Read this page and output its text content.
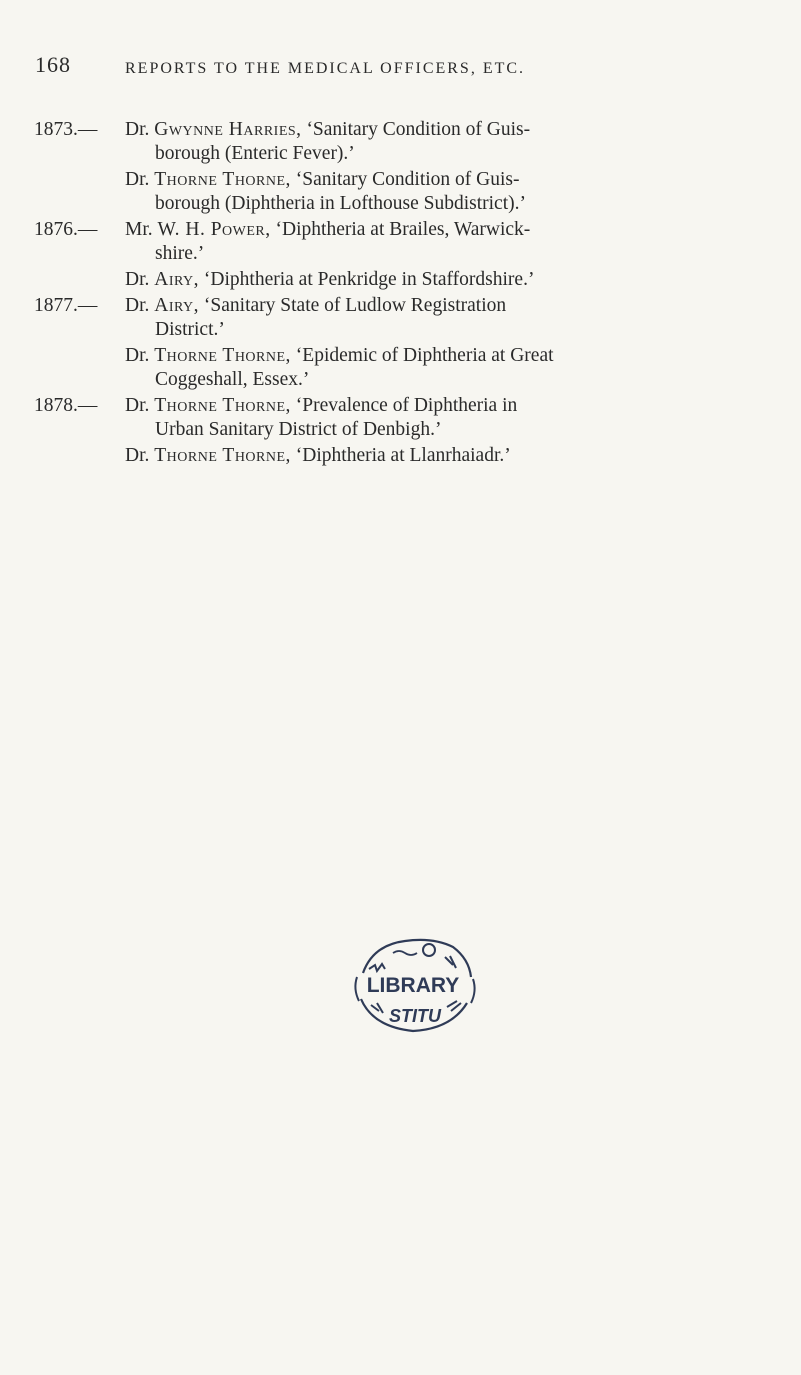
168	REPORTS TO THE MEDICAL OFFICERS, ETC.
1873.— Dr. Gwynne Harries, ‘Sanitary Condition of Guis-
borough (Enteric Fever).’
Dr. Thorne Thorne, ‘Sanitary Condition of Guis-
borough (Diphtheria in Lofthouse Subdistrict).’
1876.— Mr. W. H. Power, ‘Diphtheria at Brailes, Warwick-
shire.’
Dr. Airy, ‘Diphtheria at Penkridge in Staffordshire.’
1877.— Dr. Airy, ‘Sanitary State of Ludlow Registration
District.’
Dr. Thorne Thorne, ‘Epidemic of Diphtheria at Great
Coggeshall, Essex.’
1878.— Dr. Thorne Thorne, ‘Prevalence of Diphtheria in
Urban Sanitary District of Denbigh.’
Dr. Thorne Thorne, ‘Diphtheria at Llanrhaiadr.’
LIBRARY
STITU
